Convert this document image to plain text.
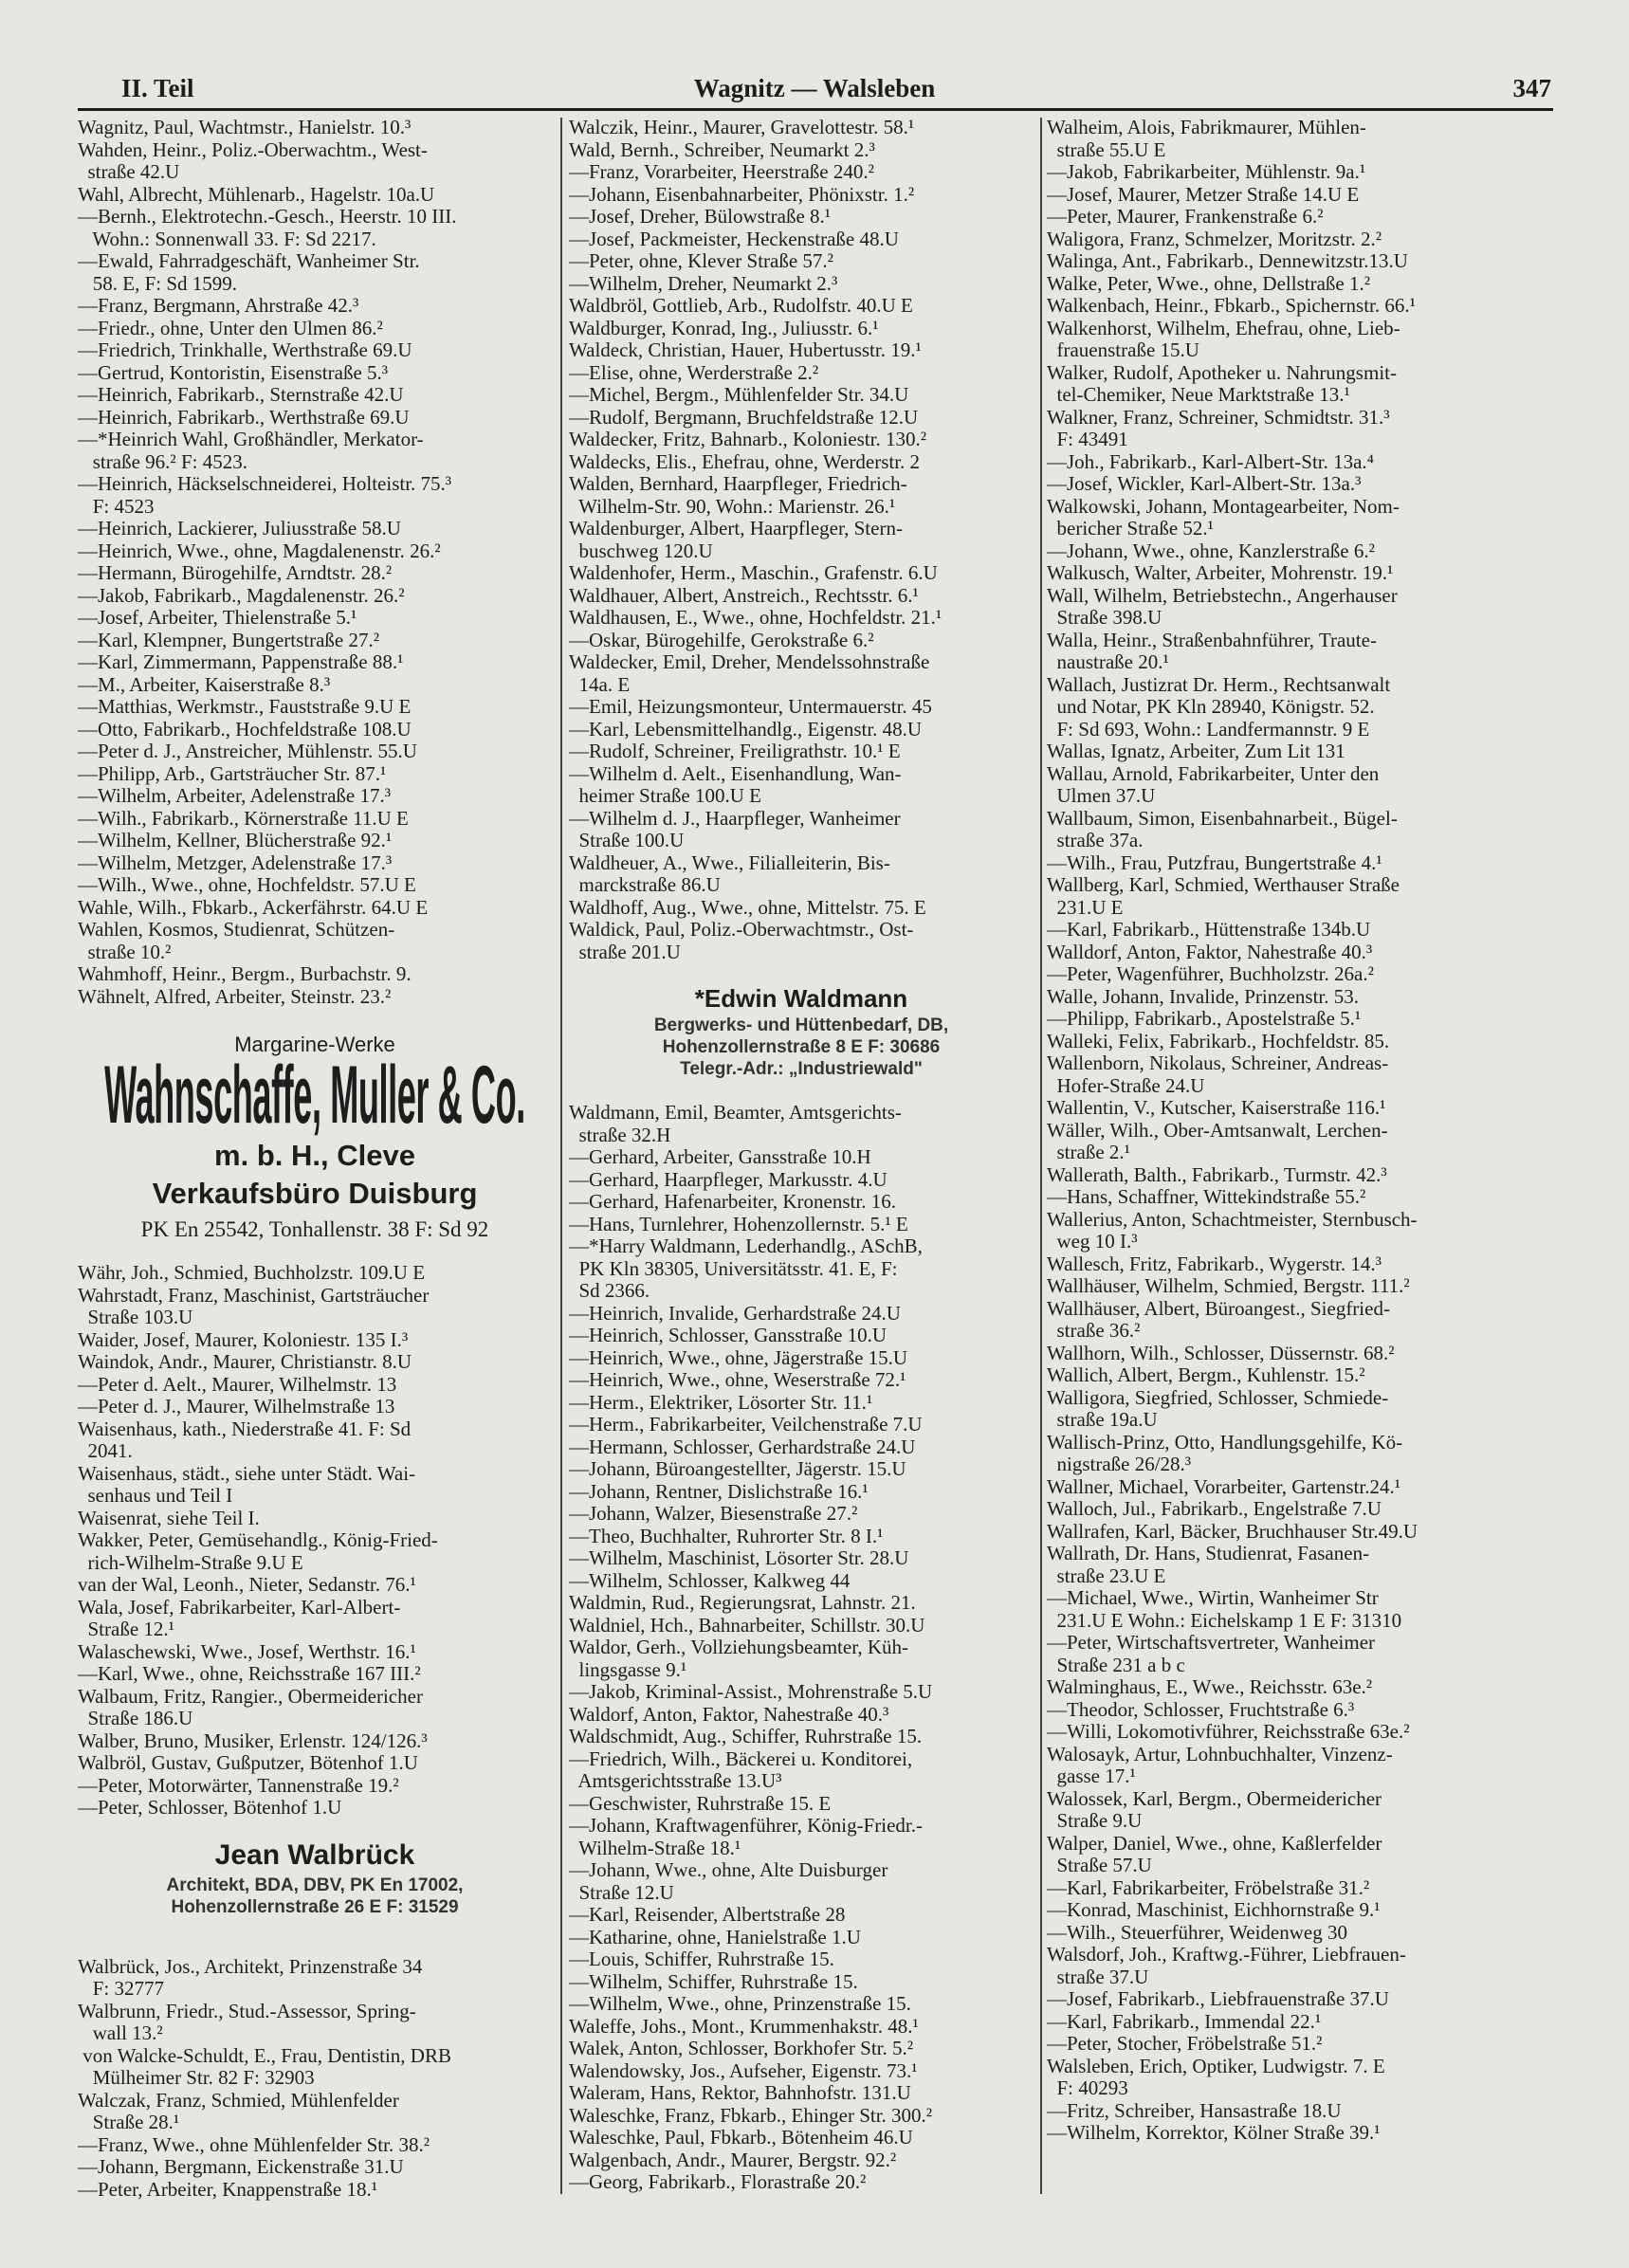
II. Teil	Wagnitz — Walsleben	347
Wagnitz, Paul, Wachtmstr., Hanielstr. 10.³
Wahden, Heinr., Poliz.-Oberwachtm., West-
straße 42.U
Wahl, Albrecht, Mühlenarb., Hagelstr. 10a.U
—Bernh., Elektrotechn.-Gesch., Heerstr. 10 III.
Wohn.: Sonnenwall 33. F: Sd 2217.
—Ewald, Fahrradgeschäft, Wanheimer Str.
58. E, F: Sd 1599.
—Franz, Bergmann, Ahrstraße 42.³
—Friedr., ohne, Unter den Ulmen 86.²
—Friedrich, Trinkhalle, Werthstraße 69.U
—Gertrud, Kontoristin, Eisenstraße 5.³
—Heinrich, Fabrikarb., Sternstraße 42.U
—Heinrich, Fabrikarb., Werthstraße 69.U
—*Heinrich Wahl, Großhändler, Merkator-
straße 96.² F: 4523.
—Heinrich, Häckselschneiderei, Holteistr. 75.³
F: 4523
—Heinrich, Lackierer, Juliusstraße 58.U
—Heinrich, Wwe., ohne, Magdalenenstr. 26.²
—Hermann, Bürogehilfe, Arndtstr. 28.²
—Jakob, Fabrikarb., Magdalenenstr. 26.²
—Josef, Arbeiter, Thielenstraße 5.¹
—Karl, Klempner, Bungertstraße 27.²
—Karl, Zimmermann, Pappenstraße 88.¹
—M., Arbeiter, Kaiserstraße 8.³
—Matthias, Werkmstr., Fauststraße 9.U E
—Otto, Fabrikarb., Hochfeldstraße 108.U
—Peter d. J., Anstreicher, Mühlenstr. 55.U
—Philipp, Arb., Gartsträucher Str. 87.¹
—Wilhelm, Arbeiter, Adelenstraße 17.³
—Wilh., Fabrikarb., Körnerstraße 11.U E
—Wilhelm, Kellner, Blücherstraße 92.¹
—Wilhelm, Metzger, Adelenstraße 17.³
—Wilh., Wwe., ohne, Hochfeldstr. 57.U E
Wahle, Wilh., Fbkarb., Ackerfährstr. 64.U E
Wahlen, Kosmos, Studienrat, Schützen-
straße 10.²
Wahmhoff, Heinr., Bergm., Burbachstr. 9.
Wähnelt, Alfred, Arbeiter, Steinstr. 23.²
Margarine-Werke
Wahnschaffe, Muller & Co.
m. b. H., Cleve
Verkaufsbüro Duisburg
PK En 25542, Tonhallenstr. 38 F: Sd 92
Währ, Joh., Schmied, Buchholzstr. 109.U E
Wahrstadt, Franz, Maschinist, Gartsträucher
Straße 103.U
Waider, Josef, Maurer, Koloniestr. 135 I.³
Waindok, Andr., Maurer, Christianstr. 8.U
—Peter d. Aelt., Maurer, Wilhelmstr. 13
—Peter d. J., Maurer, Wilhelmstraße 13
Waisenhaus, kath., Niederstraße 41. F: Sd
2041.
Waisenhaus, städt., siehe unter Städt. Wai-
senhaus und Teil I
Waisenrat, siehe Teil I.
Wakker, Peter, Gemüsehandlg., König-Fried-
rich-Wilhelm-Straße 9.U E
van der Wal, Leonh., Nieter, Sedanstr. 76.¹
Wala, Josef, Fabrikarbeiter, Karl-Albert-
Straße 12.¹
Walaschewski, Wwe., Josef, Werthstr. 16.¹
—Karl, Wwe., ohne, Reichsstraße 167 III.²
Walbaum, Fritz, Rangier., Obermeidericher
Straße 186.U
Walber, Bruno, Musiker, Erlenstr. 124/126.³
Walbröl, Gustav, Gußputzer, Bötenhof 1.U
—Peter, Motorwärter, Tannenstraße 19.²
—Peter, Schlosser, Bötenhof 1.U
Jean Walbrück
Architekt, BDA, DBV, PK En 17002,
Hohenzollernstraße 26 E F: 31529
Walbrück, Jos., Architekt, Prinzenstraße 34
F: 32777
Walbrunn, Friedr., Stud.-Assessor, Spring-
wall 13.²
von Walcke-Schuldt, E., Frau, Dentistin, DRB
Mülheimer Str. 82 F: 32903
Walczak, Franz, Schmied, Mühlenfelder
Straße 28.¹
—Franz, Wwe., ohne Mühlenfelder Str. 38.²
—Johann, Bergmann, Eickenstraße 31.U
—Peter, Arbeiter, Knappenstraße 18.¹
Walczik, Heinr., Maurer, Gravelottestr. 58.¹
Wald, Bernh., Schreiber, Neumarkt 2.³
—Franz, Vorarbeiter, Heerstraße 240.²
—Johann, Eisenbahnarbeiter, Phönixstr. 1.²
—Josef, Dreher, Bülowstraße 8.¹
—Josef, Packmeister, Heckenstraße 48.U
—Peter, ohne, Klever Straße 57.²
—Wilhelm, Dreher, Neumarkt 2.³
Waldbröl, Gottlieb, Arb., Rudolfstr. 40.U E
Waldburger, Konrad, Ing., Juliusstr. 6.¹
Waldeck, Christian, Hauer, Hubertusstr. 19.¹
—Elise, ohne, Werderstraße 2.²
—Michel, Bergm., Mühlenfelder Str. 34.U
—Rudolf, Bergmann, Bruchfeldstraße 12.U
Waldecker, Fritz, Bahnarb., Koloniestr. 130.²
Waldecks, Elis., Ehefrau, ohne, Werderstr. 2
Walden, Bernhard, Haarpfleger, Friedrich-
Wilhelm-Str. 90, Wohn.: Marienstr. 26.¹
Waldenburger, Albert, Haarpfleger, Stern-
buschweg 120.U
Waldenhofer, Herm., Maschin., Grafenstr. 6.U
Waldhauer, Albert, Anstreich., Rechtsstr. 6.¹
Waldhausen, E., Wwe., ohne, Hochfeldstr. 21.¹
—Oskar, Bürogehilfe, Gerokstraße 6.²
Waldecker, Emil, Dreher, Mendelssohnstraße
14a. E
—Emil, Heizungsmonteur, Untermauerstr. 45
—Karl, Lebensmittelhandlg., Eigenstr. 48.U
—Rudolf, Schreiner, Freiligrathstr. 10.¹ E
—Wilhelm d. Aelt., Eisenhandlung, Wan-
heimer Straße 100.U E
—Wilhelm d. J., Haarpfleger, Wanheimer
Straße 100.U
Waldheuer, A., Wwe., Filialleiterin, Bis-
marckstraße 86.U
Waldhoff, Aug., Wwe., ohne, Mittelstr. 75. E
Waldick, Paul, Poliz.-Oberwachtmstr., Ost-
straße 201.U
*Edwin Waldmann
Bergwerks- und Hüttenbedarf, DB,
Hohenzollernstraße 8 E F: 30686
Telegr.-Adr.: „Industriewald"
Waldmann, Emil, Beamter, Amtsgerichts-
straße 32.H
—Gerhard, Arbeiter, Gansstraße 10.H
—Gerhard, Haarpfleger, Markusstr. 4.U
—Gerhard, Hafenarbeiter, Kronenstr. 16.
—Hans, Turnlehrer, Hohenzollernstr. 5.¹ E
—*Harry Waldmann, Lederhandlg., ASchB,
PK Kln 38305, Universitätsstr. 41. E, F:
Sd 2366.
—Heinrich, Invalide, Gerhardstraße 24.U
—Heinrich, Schlosser, Gansstraße 10.U
—Heinrich, Wwe., ohne, Jägerstraße 15.U
—Heinrich, Wwe., ohne, Weserstraße 72.¹
—Herm., Elektriker, Lösorter Str. 11.¹
—Herm., Fabrikarbeiter, Veilchenstraße 7.U
—Hermann, Schlosser, Gerhardstraße 24.U
—Johann, Büroangestellter, Jägerstr. 15.U
—Johann, Rentner, Dislichstraße 16.¹
—Johann, Walzer, Biesenstraße 27.²
—Theo, Buchhalter, Ruhrorter Str. 8 I.¹
—Wilhelm, Maschinist, Lösorter Str. 28.U
—Wilhelm, Schlosser, Kalkweg 44
Waldmin, Rud., Regierungsrat, Lahnstr. 21.
Waldniel, Hch., Bahnarbeiter, Schillstr. 30.U
Waldor, Gerh., Vollziehungsbeamter, Küh-
lingsgasse 9.¹
—Jakob, Kriminal-Assist., Mohrenstraße 5.U
Waldorf, Anton, Faktor, Nahestraße 40.³
Waldschmidt, Aug., Schiffer, Ruhrstraße 15.
—Friedrich, Wilh., Bäckerei u. Konditorei,
Amtsgerichtsstraße 13.U³
—Geschwister, Ruhrstraße 15. E
—Johann, Kraftwagenführer, König-Friedr.-
Wilhelm-Straße 18.¹
—Johann, Wwe., ohne, Alte Duisburger
Straße 12.U
—Karl, Reisender, Albertstraße 28
—Katharine, ohne, Hanielstraße 1.U
—Louis, Schiffer, Ruhrstraße 15.
—Wilhelm, Schiffer, Ruhrstraße 15.
—Wilhelm, Wwe., ohne, Prinzenstraße 15.
Waleffe, Johs., Mont., Krummenhakstr. 48.¹
Walek, Anton, Schlosser, Borkhofer Str. 5.²
Walendowsky, Jos., Aufseher, Eigenstr. 73.¹
Waleram, Hans, Rektor, Bahnhofstr. 131.U
Waleschke, Franz, Fbkarb., Ehinger Str. 300.²
Waleschke, Paul, Fbkarb., Bötenheim 46.U
Walgenbach, Andr., Maurer, Bergstr. 92.²
—Georg, Fabrikarb., Florastraße 20.²
Walheim, Alois, Fabrikmaurer, Mühlen-
straße 55.U E
—Jakob, Fabrikarbeiter, Mühlenstr. 9a.¹
—Josef, Maurer, Metzer Straße 14.U E
—Peter, Maurer, Frankenstraße 6.²
Waligora, Franz, Schmelzer, Moritzstr. 2.²
Walinga, Ant., Fabrikarb., Dennewitzstr.13.U
Walke, Peter, Wwe., ohne, Dellstraße 1.²
Walkenbach, Heinr., Fbkarb., Spichernstr. 66.¹
Walkenhorst, Wilhelm, Ehefrau, ohne, Lieb-
frauenstraße 15.U
Walker, Rudolf, Apotheker u. Nahrungsmit-
tel-Chemiker, Neue Marktstraße 13.¹
Walkner, Franz, Schreiner, Schmidtstr. 31.³
F: 43491
—Joh., Fabrikarb., Karl-Albert-Str. 13a.⁴
—Josef, Wickler, Karl-Albert-Str. 13a.³
Walkowski, Johann, Montagearbeiter, Nom-
bericher Straße 52.¹
—Johann, Wwe., ohne, Kanzlerstraße 6.²
Walkusch, Walter, Arbeiter, Mohrenstr. 19.¹
Wall, Wilhelm, Betriebstechn., Angerhauser
Straße 398.U
Walla, Heinr., Straßenbahnführer, Traute-
naustraße 20.¹
Wallach, Justizrat Dr. Herm., Rechtsanwalt
und Notar, PK Kln 28940, Königstr. 52.
F: Sd 693, Wohn.: Landfermannstr. 9 E
Wallas, Ignatz, Arbeiter, Zum Lit 131
Wallau, Arnold, Fabrikarbeiter, Unter den
Ulmen 37.U
Wallbaum, Simon, Eisenbahnarbeit., Bügel-
straße 37a.
—Wilh., Frau, Putzfrau, Bungertstraße 4.¹
Wallberg, Karl, Schmied, Werthauser Straße
231.U E
—Karl, Fabrikarb., Hüttenstraße 134b.U
Walldorf, Anton, Faktor, Nahestraße 40.³
—Peter, Wagenführer, Buchholzstr. 26a.²
Walle, Johann, Invalide, Prinzenstr. 53.
—Philipp, Fabrikarb., Apostelstraße 5.¹
Walleki, Felix, Fabrikarb., Hochfeldstr. 85.
Wallenborn, Nikolaus, Schreiner, Andreas-
Hofer-Straße 24.U
Wallentin, V., Kutscher, Kaiserstraße 116.¹
Wäller, Wilh., Ober-Amtsanwalt, Lerchen-
straße 2.¹
Wallerath, Balth., Fabrikarb., Turmstr. 42.³
—Hans, Schaffner, Wittekindstraße 55.²
Wallerius, Anton, Schachtmeister, Sternbusch-
weg 10 I.³
Wallesch, Fritz, Fabrikarb., Wygerstr. 14.³
Wallhäuser, Wilhelm, Schmied, Bergstr. 111.²
Wallhäuser, Albert, Büroangest., Siegfried-
straße 36.²
Wallhorn, Wilh., Schlosser, Düssernstr. 68.²
Wallich, Albert, Bergm., Kuhlenstr. 15.²
Walligora, Siegfried, Schlosser, Schmiede-
straße 19a.U
Wallisch-Prinz, Otto, Handlungsgehilfe, Kö-
nigstraße 26/28.³
Wallner, Michael, Vorarbeiter, Gartenstr.24.¹
Walloch, Jul., Fabrikarb., Engelstraße 7.U
Wallrafen, Karl, Bäcker, Bruchhauser Str.49.U
Wallrath, Dr. Hans, Studienrat, Fasanen-
straße 23.U E
—Michael, Wwe., Wirtin, Wanheimer Str
231.U E Wohn.: Eichelskamp 1 E F: 31310
—Peter, Wirtschaftsvertreter, Wanheimer
Straße 231 a b c
Walminghaus, E., Wwe., Reichsstr. 63e.²
—Theodor, Schlosser, Fruchtstraße 6.³
—Willi, Lokomotivführer, Reichsstraße 63e.²
Walosayk, Artur, Lohnbuchhalter, Vinzenz-
gasse 17.¹
Walossek, Karl, Bergm., Obermeidericher
Straße 9.U
Walper, Daniel, Wwe., ohne, Kaßlerfelder
Straße 57.U
—Karl, Fabrikarbeiter, Fröbelstraße 31.²
—Konrad, Maschinist, Eichhornstraße 9.¹
—Wilh., Steuerführer, Weidenweg 30
Walsdorf, Joh., Kraftwg.-Führer, Liebfrauen-
straße 37.U
—Josef, Fabrikarb., Liebfrauenstraße 37.U
—Karl, Fabrikarb., Immendal 22.¹
—Peter, Stocher, Fröbelstraße 51.²
Walsleben, Erich, Optiker, Ludwigstr. 7. E
F: 40293
—Fritz, Schreiber, Hansastraße 18.U
—Wilhelm, Korrektor, Kölner Straße 39.¹
